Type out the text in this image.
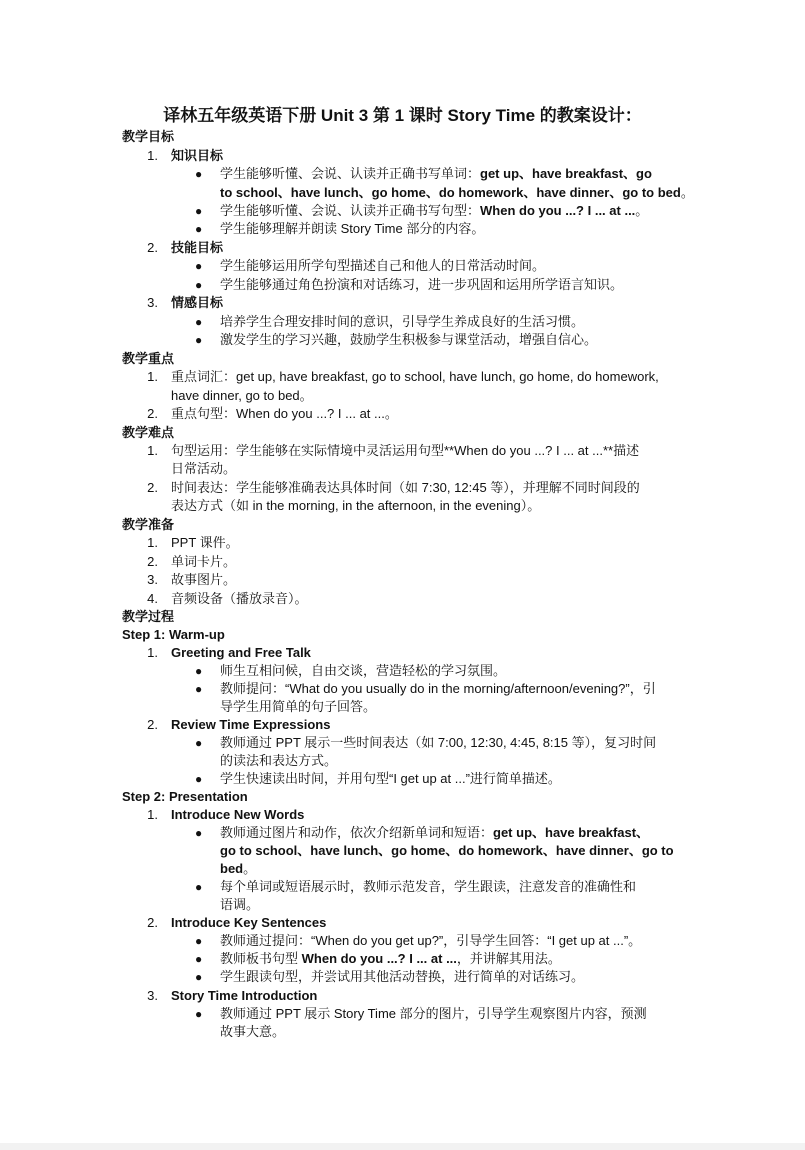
译林五年级英语下册 Unit 3 第 1 课时 Story Time 的教案设计：
教学目标
1. 知识目标
● 学生能够听懂、会说、认读并正确书写单词：get up、have breakfast、go
to school、have lunch、go home、do homework、have dinner、go to bed。
● 学生能够听懂、会说、认读并正确书写句型：When do you ...? I ... at ...。
● 学生能够理解并朗读 Story Time 部分的内容。
2. 技能目标
● 学生能够运用所学句型描述自己和他人的日常活动时间。
● 学生能够通过角色扮演和对话练习，进一步巩固和运用所学语言知识。
3. 情感目标
● 培养学生合理安排时间的意识，引导学生养成良好的生活习惯。
● 激发学生的学习兴趣，鼓励学生积极参与课堂活动，增强自信心。
教学重点
1. 重点词汇：get up, have breakfast, go to school, have lunch, go home, do homework,
have dinner, go to bed。
2. 重点句型：When do you ...? I ... at ...。
教学难点
1. 句型运用：学生能够在实际情境中灵活运用句型**When do you ...? I ... at ...**描述
日常活动。
2. 时间表达：学生能够准确表达具体时间（如 7:30, 12:45 等），并理解不同时间段的
表达方式（如 in the morning, in the afternoon, in the evening）。
教学准备
1. PPT 课件。
2. 单词卡片。
3. 故事图片。
4. 音频设备（播放录音）。
教学过程
Step 1: Warm-up
1. Greeting and Free Talk
● 师生互相问候，自由交谈，营造轻松的学习氛围。
● 教师提问：“What do you usually do in the morning/afternoon/evening?”，引
导学生用简单的句子回答。
2. Review Time Expressions
● 教师通过 PPT 展示一些时间表达（如 7:00, 12:30, 4:45, 8:15 等），复习时间
的读法和表达方式。
● 学生快速读出时间，并用句型“I get up at ...”进行简单描述。
Step 2: Presentation
1. Introduce New Words
● 教师通过图片和动作，依次介绍新单词和短语：get up、have breakfast、
go to school、have lunch、go home、do homework、have dinner、go to
bed。
● 每个单词或短语展示时，教师示范发音，学生跟读，注意发音的准确性和
语调。
2. Introduce Key Sentences
● 教师通过提问：“When do you get up?”，引导学生回答：“I get up at ...”。
● 教师板书句型 When do you ...? I ... at ...，并讲解其用法。
● 学生跟读句型，并尝试用其他活动替换，进行简单的对话练习。
3. Story Time Introduction
● 教师通过 PPT 展示 Story Time 部分的图片，引导学生观察图片内容，预测
故事大意。
